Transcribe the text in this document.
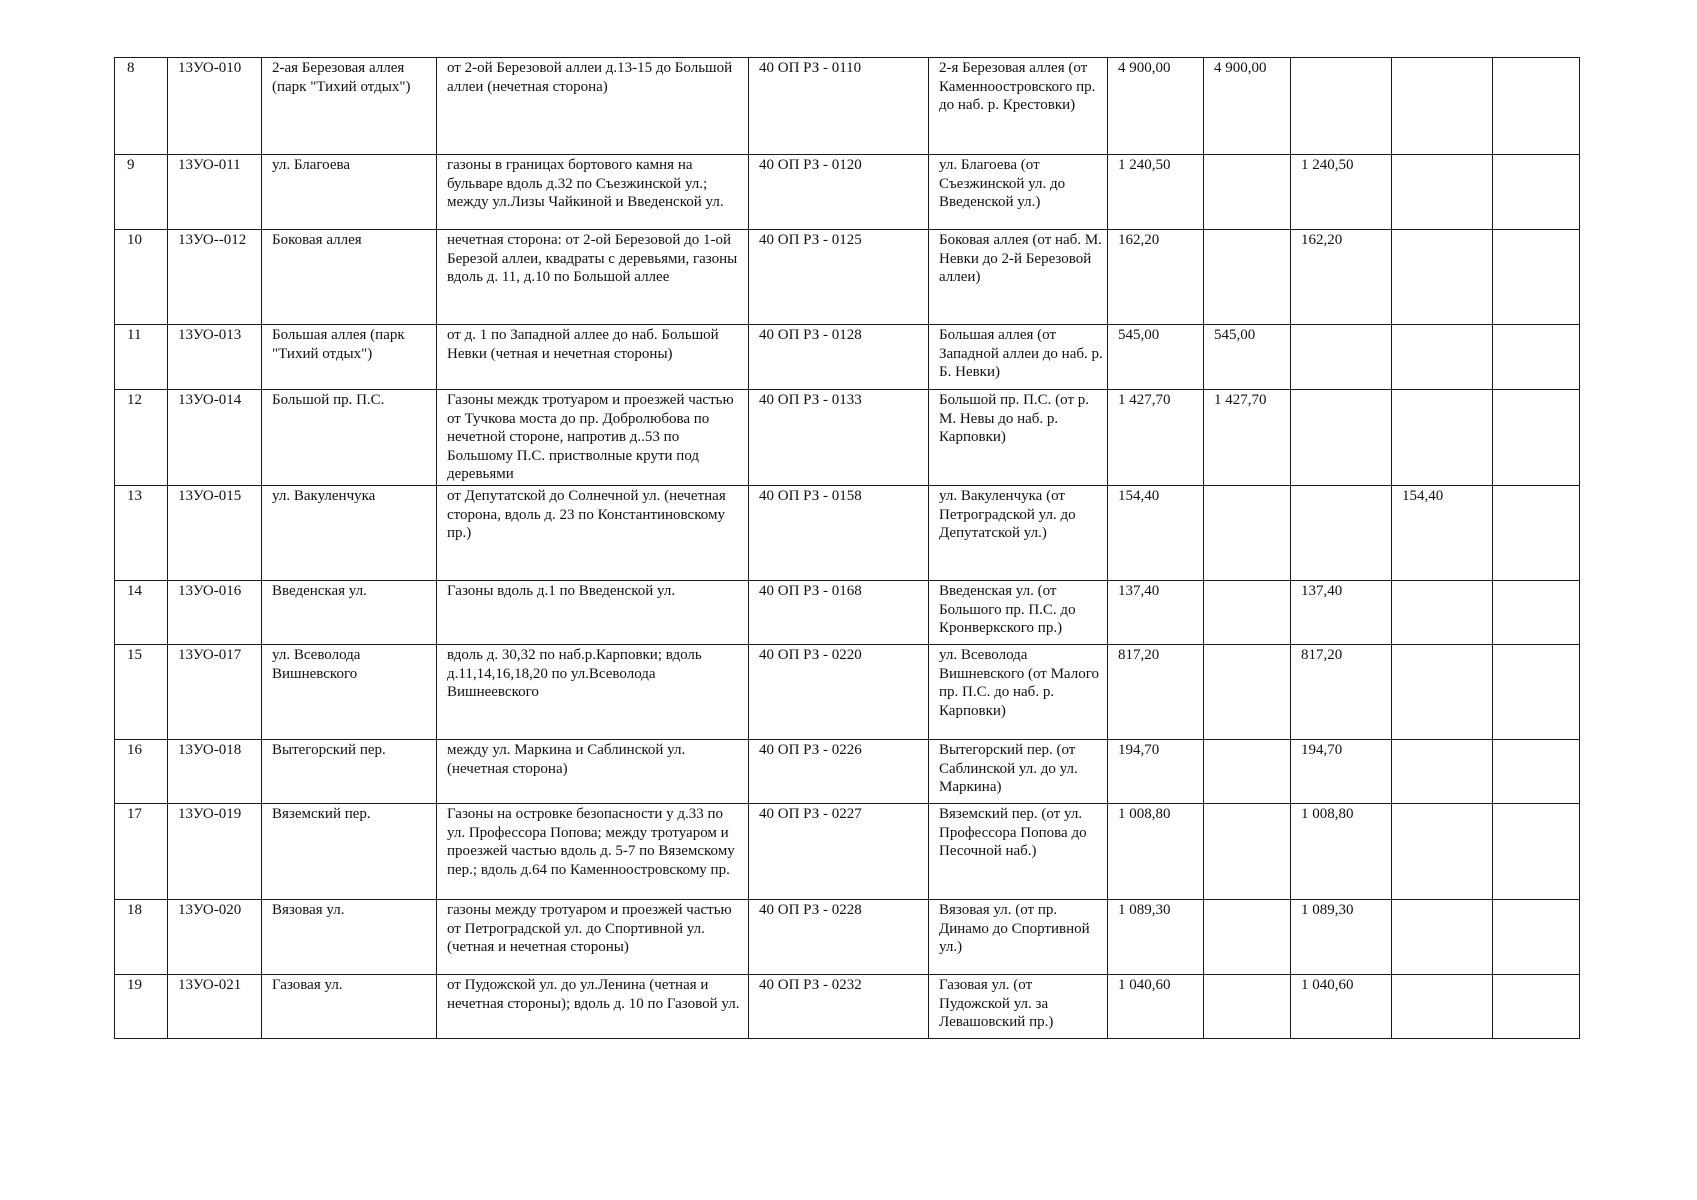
8	13УО-010	2-ая Березовая аллея (парк "Тихий отдых")	от 2-ой Березовой аллеи д.13-15 до Большой аллеи (нечетная сторона)	40 ОП РЗ - 0110	2-я Березовая аллея (от Каменноостровского пр. до наб. р. Крестовки)	4 900,00	4 900,00			
9	13УО-011	ул. Благоева	газоны в границах бортового камня на бульваре вдоль д.32 по Съезжинской ул.; между ул.Лизы Чайкиной и Введенской ул.	40 ОП РЗ - 0120	ул. Благоева (от Съезжинской ул. до Введенской ул.)	1 240,50		1 240,50		
10	13УО--012	Боковая аллея	нечетная сторона: от 2-ой Березовой до 1-ой Березой аллеи, квадраты с деревьями, газоны вдоль д. 11, д.10 по Большой аллее	40 ОП РЗ - 0125	Боковая аллея (от наб. М. Невки до 2-й Березовой аллеи)	162,20		162,20		
11	13УО-013	Большая аллея (парк "Тихий отдых")	от д. 1 по Западной аллее до наб. Большой Невки (четная и нечетная стороны)	40 ОП РЗ - 0128	Большая аллея (от Западной аллеи до наб. р. Б. Невки)	545,00	545,00			
12	13УО-014	Большой пр. П.С.	Газоны междк тротуаром и проезжей частью от Тучкова моста до пр. Добролюбова по нечетной стороне, напротив д..53 по Большому П.С. пристволные крути под деревьями	40 ОП РЗ - 0133	Большой пр. П.С. (от р. М. Невы до наб. р. Карповки)	1 427,70	1 427,70			
13	13УО-015	ул. Вакуленчука	от Депутатской до Солнечной ул. (нечетная сторона, вдоль д. 23 по Константиновскому пр.)	40 ОП РЗ - 0158	ул. Вакуленчука (от Петроградской ул. до Депутатской ул.)	154,40			154,40	
14	13УО-016	Введенская ул.	Газоны вдоль д.1 по Введенской ул.	40 ОП РЗ - 0168	Введенская ул. (от Большого пр. П.С. до Кронверкского пр.)	137,40		137,40		
15	13УО-017	ул. Всеволода Вишневского	вдоль д. 30,32 по наб.р.Карповки; вдоль д.11,14,16,18,20 по ул.Всеволода Вишнеевского	40 ОП РЗ - 0220	ул. Всеволода Вишневского (от Малого пр. П.С. до наб. р. Карповки)	817,20		817,20		
16	13УО-018	Вытегорский пер.	между ул. Маркина и Саблинской ул. (нечетная сторона)	40 ОП РЗ - 0226	Вытегорский пер. (от Саблинской ул. до ул. Маркина)	194,70		194,70		
17	13УО-019	Вяземский пер.	Газоны на островке безопасности у д.33 по ул. Профессора Попова; между тротуаром и проезжей частью вдоль д. 5-7 по Вяземскому пер.; вдоль д.64 по Каменноостровскому пр.	40 ОП РЗ - 0227	Вяземский пер. (от ул. Профессора Попова до Песочной наб.)	1 008,80		1 008,80		
18	13УО-020	Вязовая ул.	газоны между тротуаром и проезжей частью от Петроградской ул. до Спортивной ул.(четная и нечетная стороны)	40 ОП РЗ - 0228	Вязовая ул. (от пр. Динамо до Спортивной ул.)	1 089,30		1 089,30		
19	13УО-021	Газовая ул.	от Пудожской ул. до ул.Ленина (четная и нечетная стороны); вдоль д. 10 по Газовой ул.	40 ОП РЗ - 0232	Газовая ул. (от Пудожской ул. за Левашовский пр.)	1 040,60		1 040,60		
